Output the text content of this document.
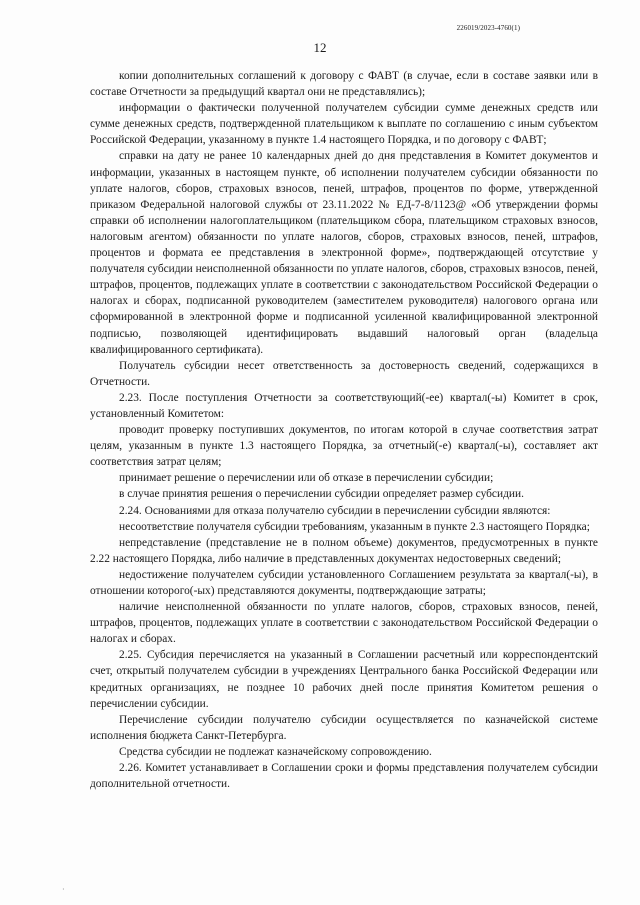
226019/2023-4760(1)
12

копии дополнительных соглашений к договору с ФАВТ (в случае, если в составе заявки или в составе Отчетности за предыдущий квартал они не представлялись);

информации о фактически полученной получателем субсидии сумме денежных средств или сумме денежных средств, подтвержденной плательщиком к выплате по соглашению с иным субъектом Российской Федерации, указанному в пункте 1.4 настоящего Порядка, и по договору с ФАВТ;

справки на дату не ранее 10 календарных дней до дня представления в Комитет документов и информации, указанных в настоящем пункте, об исполнении получателем субсидии обязанности по уплате налогов, сборов, страховых взносов, пеней, штрафов, процентов по форме, утвержденной приказом Федеральной налоговой службы от 23.11.2022 № ЕД-7-8/1123@ «Об утверждении формы справки об исполнении налогоплательщиком (плательщиком сбора, плательщиком страховых взносов, налоговым агентом) обязанности по уплате налогов, сборов, страховых взносов, пеней, штрафов, процентов и формата ее представления в электронной форме», подтверждающей отсутствие у получателя субсидии неисполненной обязанности по уплате налогов, сборов, страховых взносов, пеней, штрафов, процентов, подлежащих уплате в соответствии с законодательством Российской Федерации о налогах и сборах, подписанной руководителем (заместителем руководителя) налогового органа или сформированной в электронной форме и подписанной усиленной квалифицированной электронной подписью, позволяющей идентифицировать выдавший налоговый орган (владельца квалифицированного сертификата).

Получатель субсидии несет ответственность за достоверность сведений, содержащихся в Отчетности.

2.23. После поступления Отчетности за соответствующий(-ее) квартал(-ы) Комитет в срок, установленный Комитетом:

проводит проверку поступивших документов, по итогам которой в случае соответствия затрат целям, указанным в пункте 1.3 настоящего Порядка, за отчетный(-е) квартал(-ы), составляет акт соответствия затрат целям;

принимает решение о перечислении или об отказе в перечислении субсидии;

в случае принятия решения о перечислении субсидии определяет размер субсидии.

2.24. Основаниями для отказа получателю субсидии в перечислении субсидии являются:

несоответствие получателя субсидии требованиям, указанным в пункте 2.3 настоящего Порядка;

непредставление (представление не в полном объеме) документов, предусмотренных в пункте 2.22 настоящего Порядка, либо наличие в представленных документах недостоверных сведений;

недостижение получателем субсидии установленного Соглашением результата за квартал(-ы), в отношении которого(-ых) представляются документы, подтверждающие затраты;

наличие неисполненной обязанности по уплате налогов, сборов, страховых взносов, пеней, штрафов, процентов, подлежащих уплате в соответствии с законодательством Российской Федерации о налогах и сборах.

2.25. Субсидия перечисляется на указанный в Соглашении расчетный или корреспондентский счет, открытый получателем субсидии в учреждениях Центрального банка Российской Федерации или кредитных организациях, не позднее 10 рабочих дней после принятия Комитетом решения о перечислении субсидии.

Перечисление субсидии получателю субсидии осуществляется по казначейской системе исполнения бюджета Санкт-Петербурга.

Средства субсидии не подлежат казначейскому сопровождению.

2.26. Комитет устанавливает в Соглашении сроки и формы представления получателем субсидии дополнительной отчетности.

·
